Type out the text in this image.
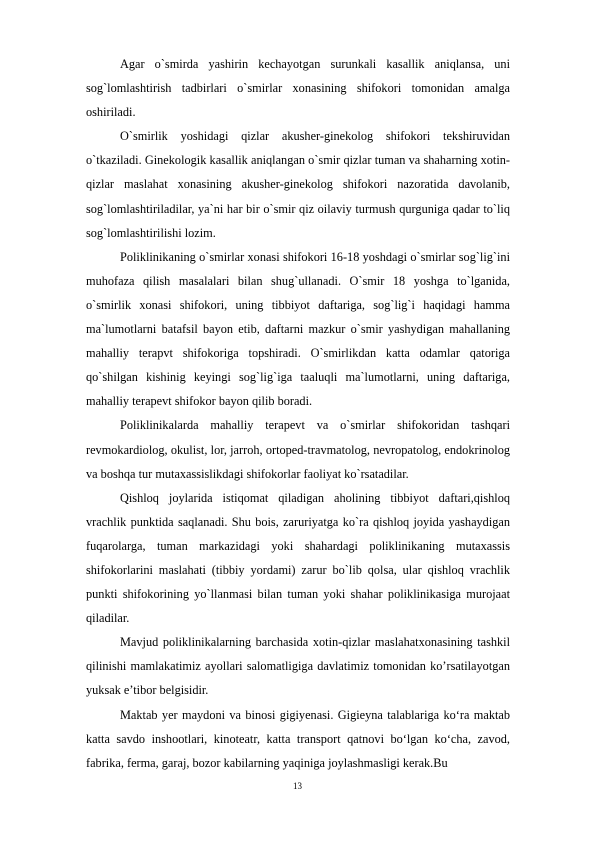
Agar o`smirda yashirin kechayotgan surunkali kasallik aniqlansa, uni sog`lomlashtirish tadbirlari o`smirlar xonasining shifokori tomonidan amalga oshiriladi.

O`smirlik yoshidagi qizlar akusher-ginekolog shifokori tekshiruvidan o`tkaziladi. Ginekologik kasallik aniqlangan o`smir qizlar tuman va shaharning xotin-qizlar maslahat xonasining akusher-ginekolog shifokori nazoratida davolanib, sog`lomlashtiriladilar, ya`ni har bir o`smir qiz oilaviy turmush qurguniga qadar to`liq sog`lomlashtirilishi lozim.

Poliklinikaning o`smirlar xonasi shifokori 16-18 yoshdagi o`smirlar sog`lig`ini muhofaza qilish masalalari bilan shug`ullanadi. O`smir 18 yoshga to`lganida, o`smirlik xonasi shifokori, uning tibbiyot daftariga, sog`lig`i haqidagi hamma ma`lumotlarni batafsil bayon etib, daftarni mazkur o`smir yashydigan mahallaning mahalliy terapvt shifokoriga topshiradi. O`smirlikdan katta odamlar qatoriga qo`shilgan kishinig keyingi sog`lig`iga taaluqli ma`lumotlarni, uning daftariga, mahalliy terapevt shifokor bayon qilib boradi.

Poliklinikalarda mahalliy terapevt va o`smirlar shifokoridan tashqari revmokardiolog, okulist, lor, jarroh, ortoped-travmatolog, nevropatolog, endokrinolog va boshqa tur mutaxassislikdagi shifokorlar faoliyat ko`rsatadilar.

Qishloq joylarida istiqomat qiladigan aholining tibbiyot daftari,qishloq vrachlik punktida saqlanadi. Shu bois, zaruriyatga ko`ra qishloq joyida yashaydigan fuqarolarga, tuman markazidagi yoki shahardagi poliklinikaning mutaxassis shifokorlarini maslahati (tibbiy yordami) zarur bo`lib qolsa, ular qishloq vrachlik punkti shifokorining yo`llanmasi bilan tuman yoki shahar poliklinikasiga murojaat qiladilar.

Mavjud poliklinikalarning barchasida xotin-qizlar maslahatxonasining tashkil qilinishi mamlakatimiz ayollari salomatligiga davlatimiz tomonidan ko’rsatilayotgan yuksak e’tibor belgisidir.

Maktab yer maydoni va binosi gigiyenasi. Gigieyna talablariga ko‘ra maktab katta savdo inshootlari, kinoteatr, katta transport qatnovi bo‘lgan ko‘cha, zavod, fabrika, ferma, garaj, bozor kabilarning yaqiniga joylashmasligi kerak.Bu

13
